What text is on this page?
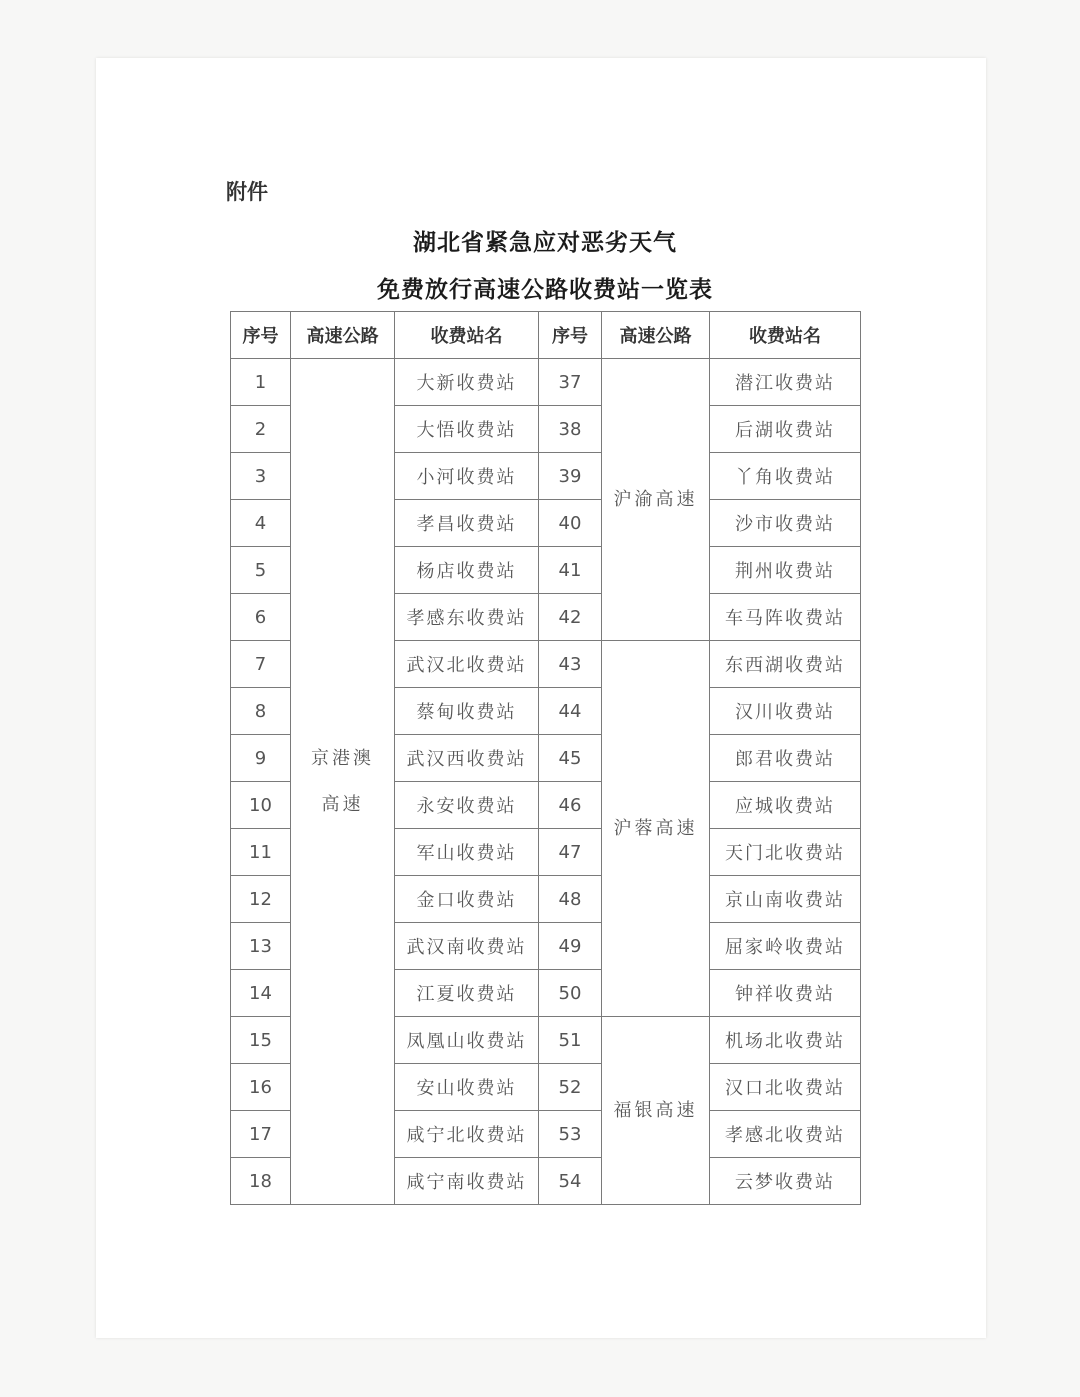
附件
湖北省紧急应对恶劣天气
免费放行高速公路收费站一览表
序号	高速公路	收费站名	序号	高速公路	收费站名
1	京港澳高速	大新收费站	37	沪渝高速	潜江收费站
2		大悟收费站	38		后湖收费站
3		小河收费站	39		丫角收费站
4		孝昌收费站	40		沙市收费站
5		杨店收费站	41		荆州收费站
6		孝感东收费站	42		车马阵收费站
7		武汉北收费站	43	沪蓉高速	东西湖收费站
8		蔡甸收费站	44		汉川收费站
9		武汉西收费站	45		郎君收费站
10		永安收费站	46		应城收费站
11		军山收费站	47		天门北收费站
12		金口收费站	48		京山南收费站
13		武汉南收费站	49		屈家岭收费站
14		江夏收费站	50		钟祥收费站
15		凤凰山收费站	51	福银高速	机场北收费站
16		安山收费站	52		汉口北收费站
17		咸宁北收费站	53		孝感北收费站
18		咸宁南收费站	54		云梦收费站
